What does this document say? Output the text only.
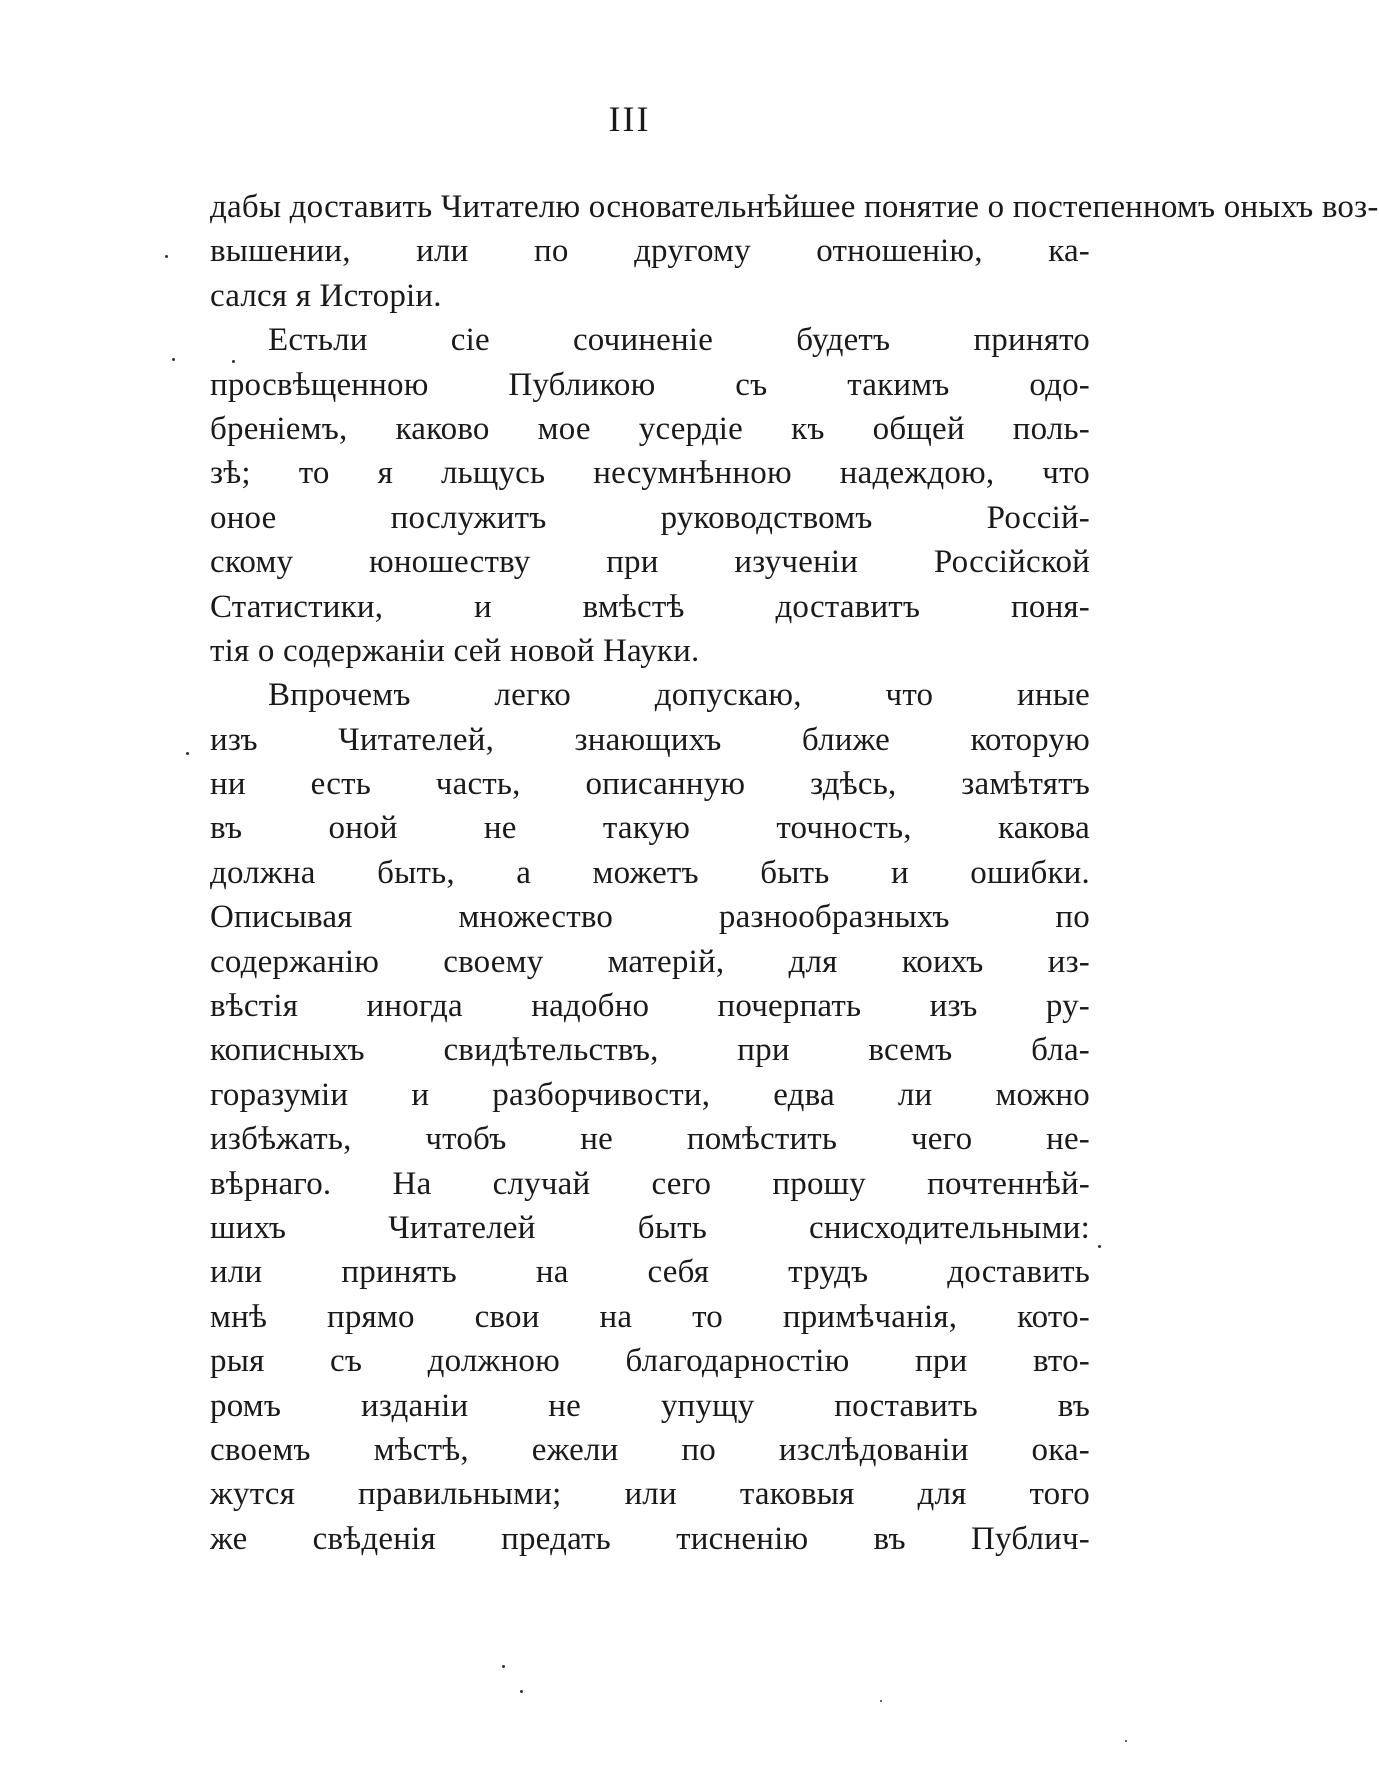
III
дабы доставить Читателю основательнѣйшее понятие о постепенномъ оныхъ воз-
вышении, или по другому отношенію, ка-
сался я Исторіи.
Естьли сіе сочиненіе будетъ принято
просвѣщенною Публикою съ такимъ одо-
бреніемъ, каково мое усердіе къ общей поль-
зѣ; то я льщусь несумнѣнною надеждою, что
оное послужитъ руководствомъ Россій-
скому юношеству при изученіи Россійской
Статистики, и вмѣстѣ доставитъ поня-
тія о содержаніи сей новой Науки.
Впрочемъ легко допускаю, что иные
изъ Читателей, знающихъ ближе которую
ни есть часть, описанную здѣсь, замѣтятъ
въ оной не такую точность, какова
должна быть, а можетъ быть и ошибки.
Описывая множество разнообразныхъ по
содержанію своему матерій, для коихъ из-
вѣстія иногда надобно почерпать изъ ру-
кописныхъ свидѣтельствъ, при всемъ бла-
горазуміи и разборчивости, едва ли можно
избѣжать, чтобъ не помѣстить чего не-
вѣрнаго. На случай сего прошу почтеннѣй-
шихъ Читателей быть снисходительными:
или принять на себя трудъ доставить
мнѣ прямо свои на то примѣчанія, кото-
рыя съ должною благодарностію при вто-
ромъ изданіи не упущу поставить въ
своемъ мѣстѣ, ежели по изслѣдованіи ока-
жутся правильными; или таковыя для того
же свѣденія предать тисненію въ Публич-
